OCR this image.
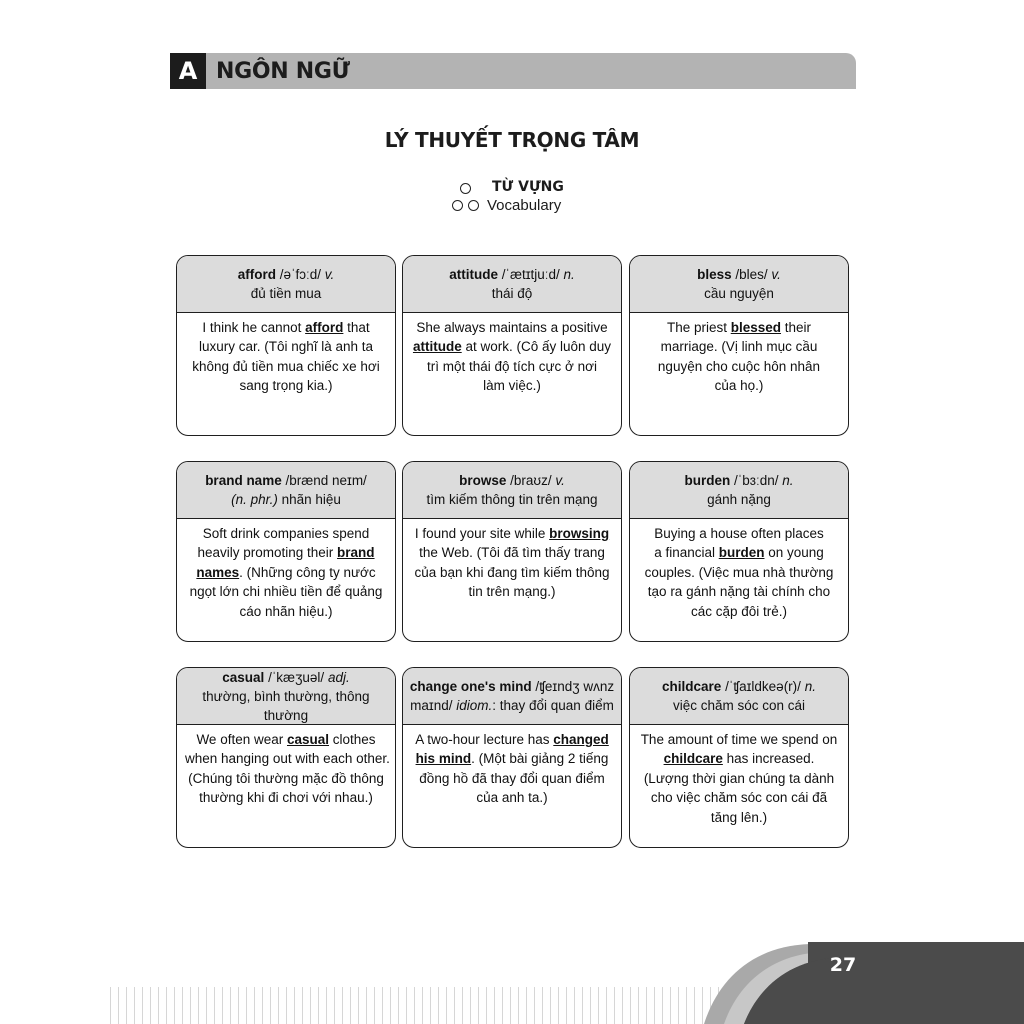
A NGÔN NGỮ
LÝ THUYẾT TRỌNG TÂM
TỪ VỰNG
Vocabulary
afford /əˈfɔːd/ v.
đủ tiền mua
I think he cannot afford that
luxury car. (Tôi nghĩ là anh ta
không đủ tiền mua chiếc xe hơi
sang trọng kia.)
attitude /ˈætɪtjuːd/ n.
thái độ
She always maintains a positive
attitude at work. (Cô ấy luôn duy
trì một thái độ tích cực ở nơi
làm việc.)
bless /bles/ v.
cầu nguyện
The priest blessed their
marriage. (Vị linh mục cầu
nguyện cho cuộc hôn nhân
của họ.)
brand name /brænd neɪm/
(n. phr.) nhãn hiệu
Soft drink companies spend
heavily promoting their brand
names. (Những công ty nước
ngọt lớn chi nhiều tiền để quảng
cáo nhãn hiệu.)
browse /braʊz/ v.
tìm kiếm thông tin trên mạng
I found your site while browsing
the Web. (Tôi đã tìm thấy trang
của bạn khi đang tìm kiếm thông
tin trên mạng.)
burden /ˈbɜːdn/ n.
gánh nặng
Buying a house often places
a financial burden on young
couples. (Việc mua nhà thường
tạo ra gánh nặng tài chính cho
các cặp đôi trẻ.)
casual /ˈkæʒuəl/ adj.
thường, bình thường, thông
thường
We often wear casual clothes
when hanging out with each other.
(Chúng tôi thường mặc đồ thông
thường khi đi chơi với nhau.)
change one's mind /ʧeɪndʒ wʌnz
maɪnd/ idiom.: thay đổi quan điểm
A two-hour lecture has changed
his mind. (Một bài giảng 2 tiếng
đồng hồ đã thay đổi quan điểm
của anh ta.)
childcare /ˈʧaɪldkeə(r)/ n.
việc chăm sóc con cái
The amount of time we spend on
childcare has increased.
(Lượng thời gian chúng ta dành
cho việc chăm sóc con cái đã
tăng lên.)
27
